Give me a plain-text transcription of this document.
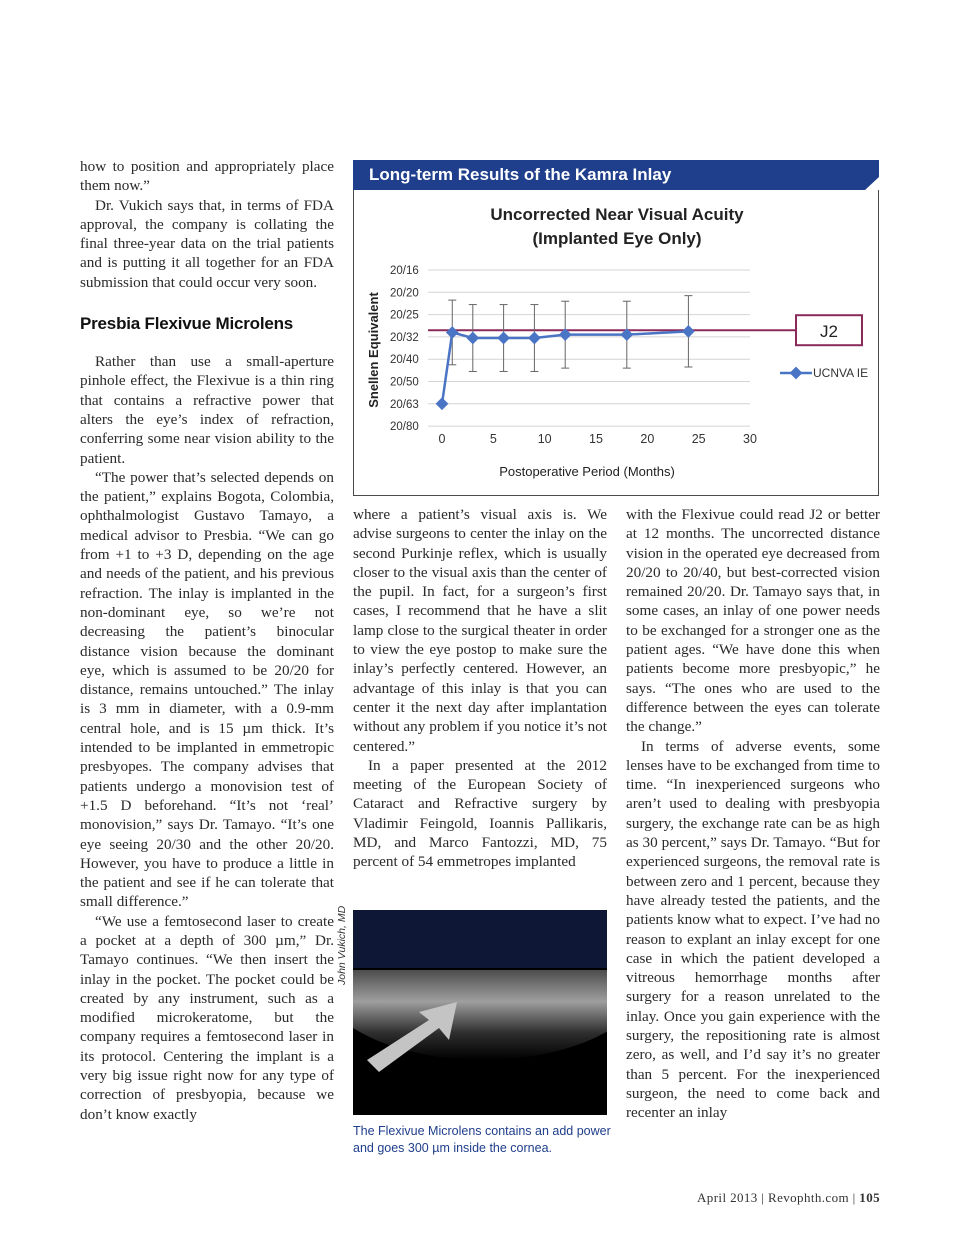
how to position and appropriately place them now.”

Dr. Vukich says that, in terms of FDA approval, the company is collating the final three-year data on the trial patients and is putting it all together for an FDA submission that could occur very soon.

Presbia Flexivue Microlens

Rather than use a small-aperture pinhole effect, the Flexivue is a thin ring that contains a refractive power that alters the eye’s index of refraction, conferring some near vision ability to the patient.

“The power that’s selected depends on the patient,” explains Bogota, Colombia, ophthalmologist Gustavo Tamayo, a medical advisor to Presbia. “We can go from +1 to +3 D, depending on the age and needs of the patient, and his previous refraction. The inlay is implanted in the non-dominant eye, so we’re not decreasing the patient’s binocular distance vision because the dominant eye, which is assumed to be 20/20 for distance, remains untouched.” The inlay is 3 mm in diameter, with a 0.9-mm central hole, and is 15 µm thick. It’s intended to be implanted in emmetropic presbyopes. The company advises that patients undergo a monovision test of +1.5 D beforehand. “It’s not ‘real’ monovision,” says Dr. Tamayo. “It’s one eye seeing 20/30 and the other 20/20. However, you have to produce a little in the patient and see if he can tolerate that small difference.”

“We use a femtosecond laser to create a pocket at a depth of 300 µm,” Dr. Tamayo continues. “We then insert the inlay in the pocket. The pocket could be created by any instrument, such as a modified microkeratome, but the company requires a femtosecond laser in its protocol. Centering the implant is a very big issue right now for any type of correction of presbyopia, because we don’t know exactly

Long-term Results of the Kamra Inlay
Uncorrected Near Visual Acuity
(Implanted Eye Only)
Snellen Equivalent
Postoperative Period (Months)
20/16
20/20
20/25
20/32
20/40
20/50
20/63
20/80
0	5	10	15	20	25	30
J2
UCNVA IE

where a patient’s visual axis is. We advise surgeons to center the inlay on the second Purkinje reflex, which is usually closer to the visual axis than the center of the pupil. In fact, for a surgeon’s first cases, I recommend that he have a slit lamp close to the surgical theater in order to view the eye postop to make sure the inlay’s perfectly centered. However, an advantage of this inlay is that you can center it the next day after implantation without any problem if you notice it’s not centered.”

In a paper presented at the 2012 meeting of the European Society of Cataract and Refractive surgery by Vladimir Feingold, Ioannis Pallikaris, MD, and Marco Fantozzi, MD, 75 percent of 54 emmetropes implanted

John Vukich, MD
The Flexivue Microlens contains an add power and goes 300 µm inside the cornea.

with the Flexivue could read J2 or better at 12 months. The uncorrected distance vision in the operated eye decreased from 20/20 to 20/40, but best-corrected vision remained 20/20. Dr. Tamayo says that, in some cases, an inlay of one power needs to be exchanged for a stronger one as the patient ages. “We have done this when patients become more presbyopic,” he says. “The ones who are used to the difference between the eyes can tolerate the change.”

In terms of adverse events, some lenses have to be exchanged from time to time. “In inexperienced surgeons who aren’t used to dealing with presbyopia surgery, the exchange rate can be as high as 30 percent,” says Dr. Tamayo. “But for experienced surgeons, the removal rate is between zero and 1 percent, because they have already tested the patients, and the patients know what to expect. I’ve had no reason to explant an inlay except for one case in which the patient developed a vitreous hemorrhage months after surgery for a reason unrelated to the inlay. Once you gain experience with the surgery, the repositioning rate is almost zero, as well, and I’d say it’s no greater than 5 percent. For the inexperienced surgeon, the need to come back and recenter an inlay

April 2013 | Revophth.com | 105
